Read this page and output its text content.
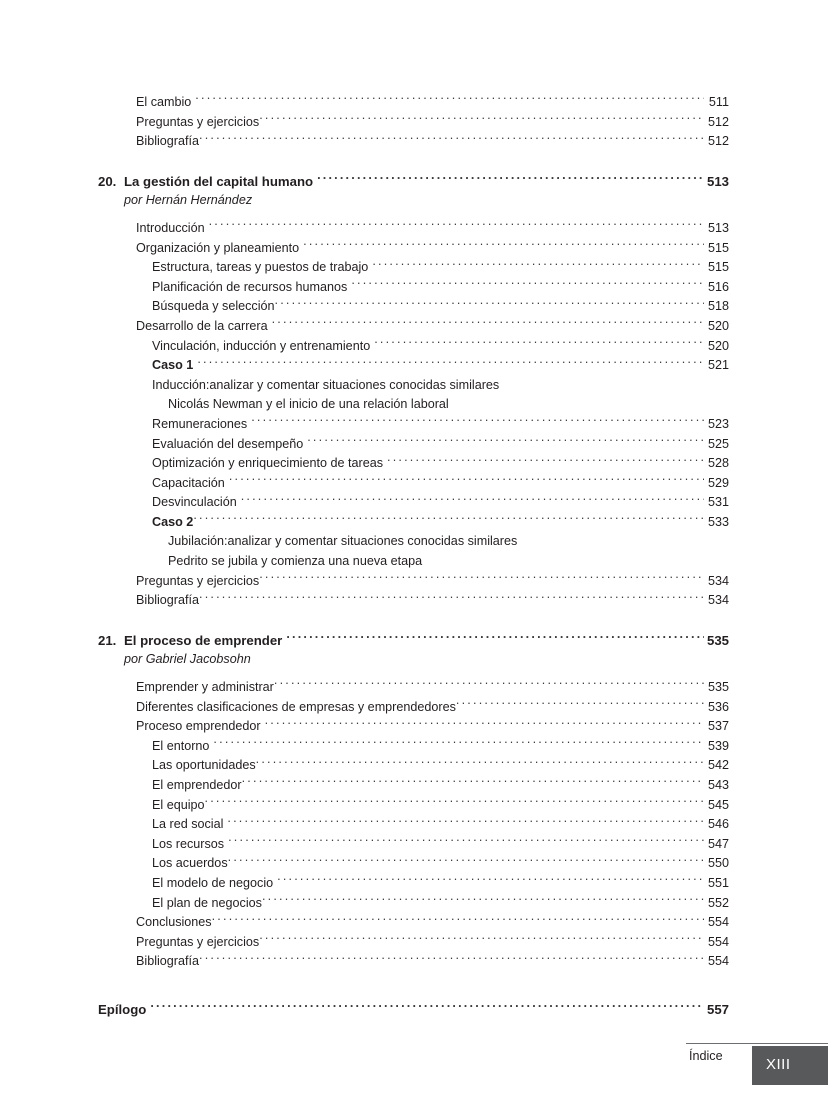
El cambio .....	511
Preguntas y ejercicios .....	512
Bibliografía .....	512
20. La gestión del capital humano .....	513
por Hernán Hernández
Introducción .....	513
Organización y planeamiento .....	515
Estructura, tareas y puestos de trabajo .....	515
Planificación de recursos humanos .....	516
Búsqueda y selección .....	518
Desarrollo de la carrera .....	520
Vinculación, inducción y entrenamiento .....	520
Caso 1 .....	521
Inducción:analizar y comentar situaciones conocidas similares
Nicolás Newman y el inicio de una relación laboral
Remuneraciones .....	523
Evaluación del desempeño .....	525
Optimización y enriquecimiento de tareas .....	528
Capacitación .....	529
Desvinculación .....	531
Caso 2 .....	533
Jubilación:analizar y comentar situaciones conocidas similares
Pedrito se jubila y comienza una nueva etapa
Preguntas y ejercicios .....	534
Bibliografía .....	534
21. El proceso de emprender .....	535
por Gabriel Jacobsohn
Emprender y administrar .....	535
Diferentes clasificaciones de empresas y emprendedores .....	536
Proceso emprendedor .....	537
El entorno .....	539
Las oportunidades .....	542
El emprendedor .....	543
El equipo .....	545
La red social .....	546
Los recursos .....	547
Los acuerdos .....	550
El modelo de negocio .....	551
El plan de negocios .....	552
Conclusiones .....	554
Preguntas y ejercicios .....	554
Bibliografía .....	554
Epílogo .....	557
Índice	XIII
